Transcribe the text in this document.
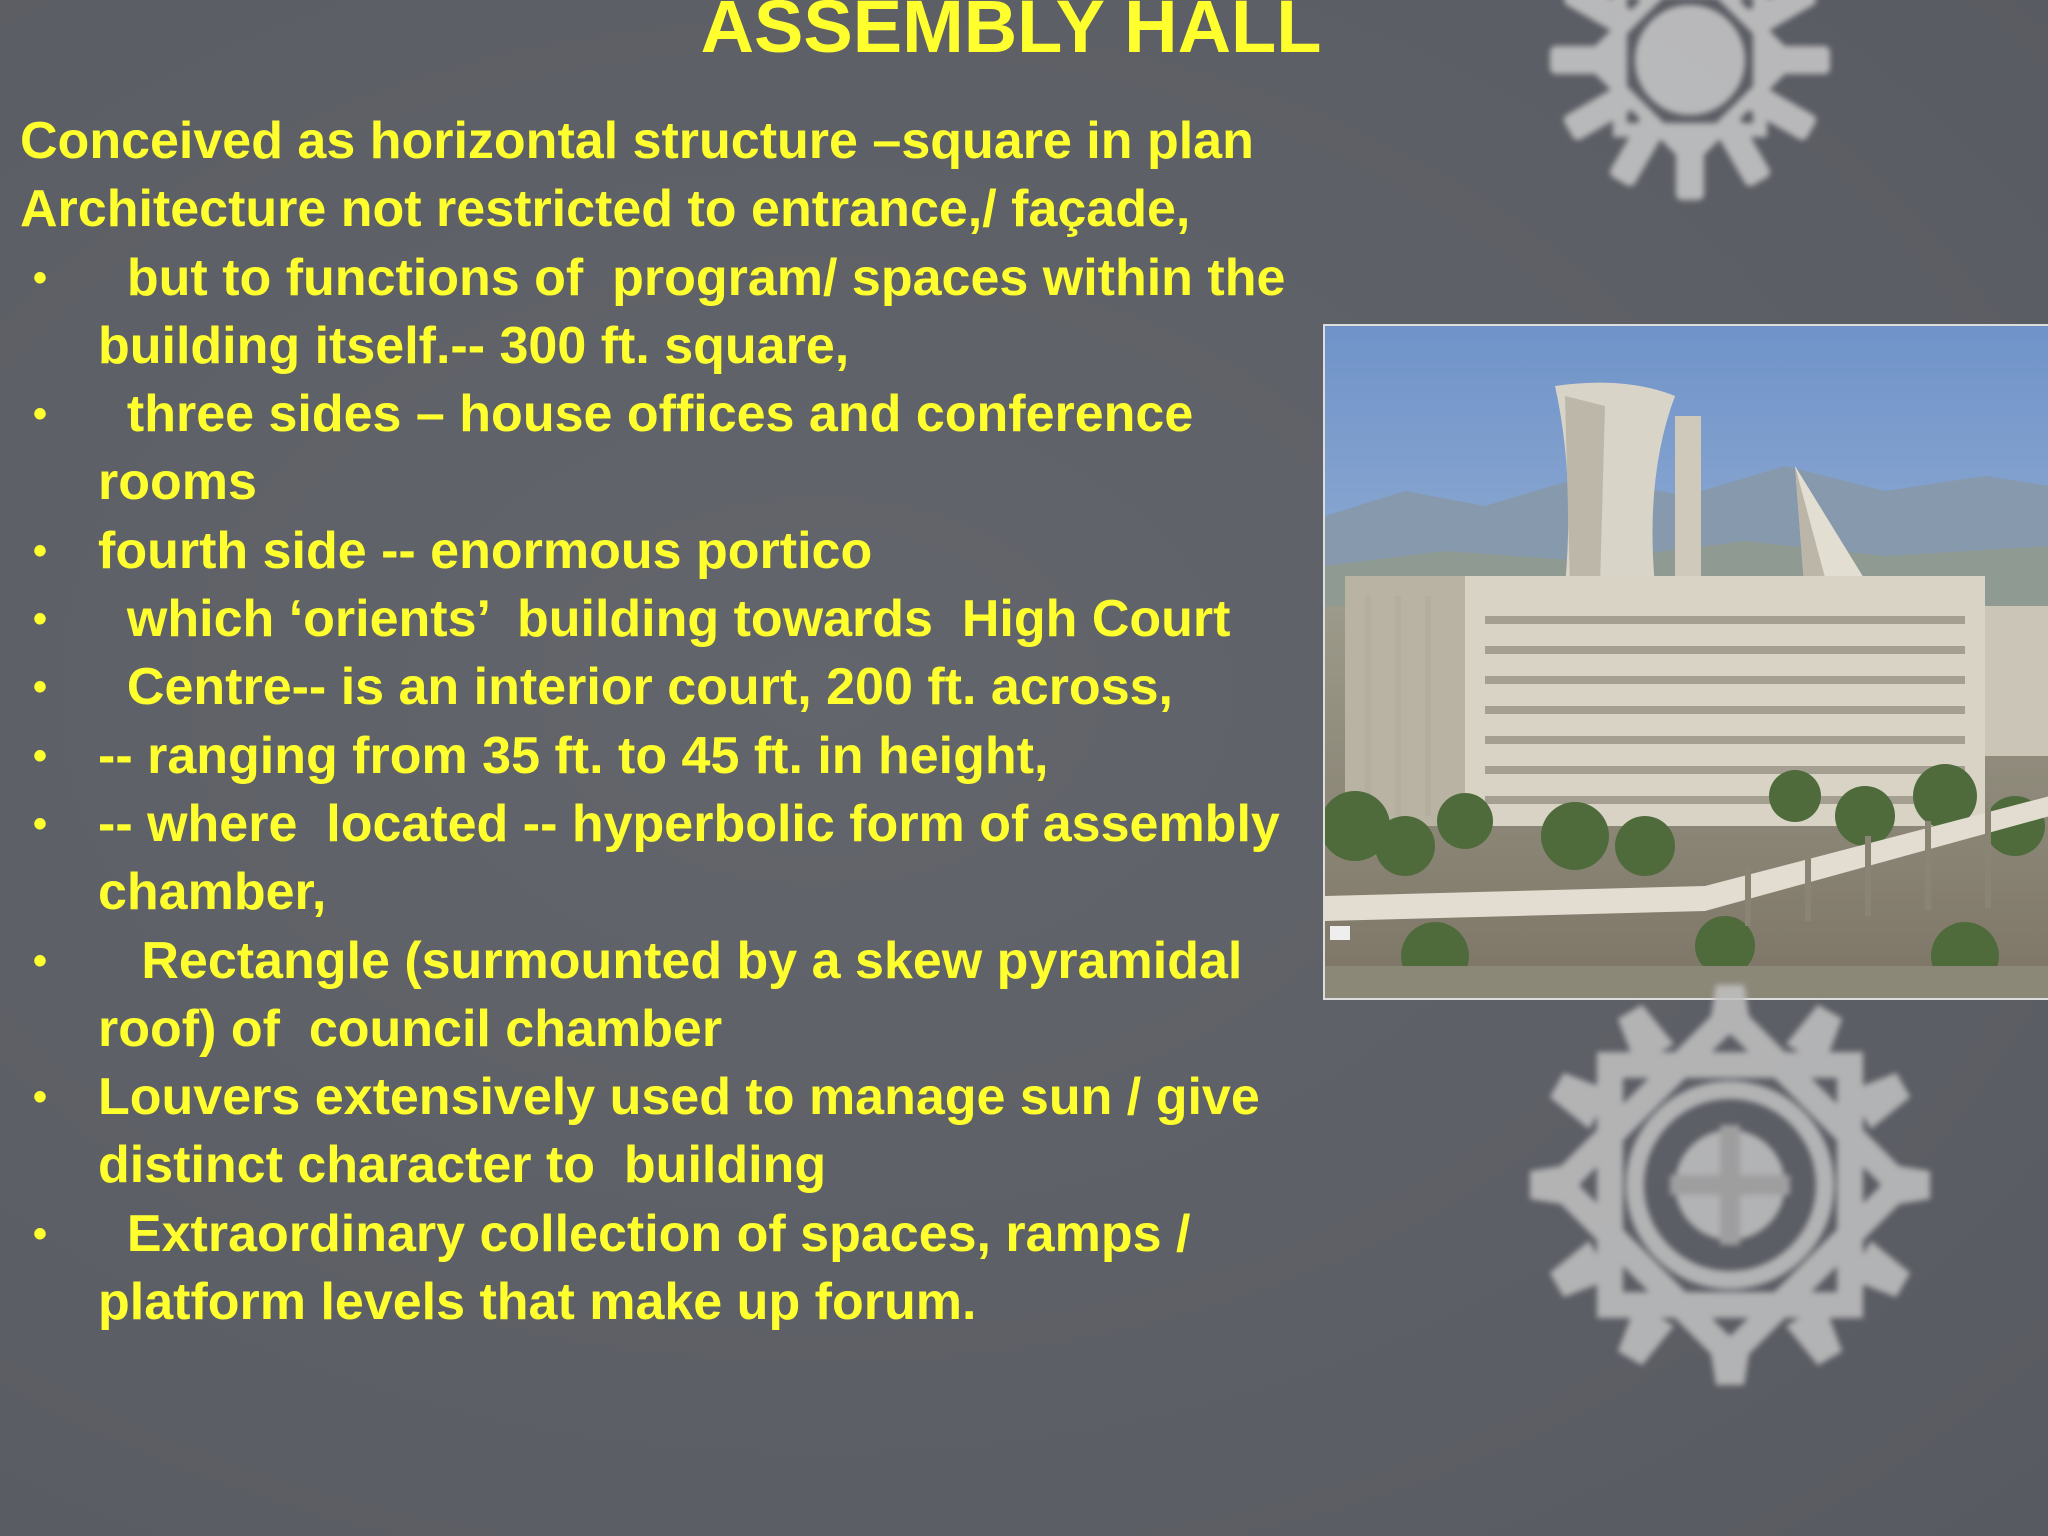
ASSEMBLY HALL

Conceived as horizontal structure –square in plan

Architecture not restricted to entrance,/ façade,

• but to functions of  program/ spaces within the building itself.-- 300 ft. square,
• three sides – house offices and conference rooms
• fourth side -- enormous portico
• which ‘orients’  building towards  High Court
• Centre-- is an interior court, 200 ft. across,
• -- ranging from 35 ft. to 45 ft. in height,
• -- where  located -- hyperbolic form of assembly chamber,
• Rectangle (surmounted by a skew pyramidal roof) of  council chamber
• Louvers extensively used to manage sun / give distinct character to  building
• Extraordinary collection of spaces, ramps / platform levels that make up forum.
